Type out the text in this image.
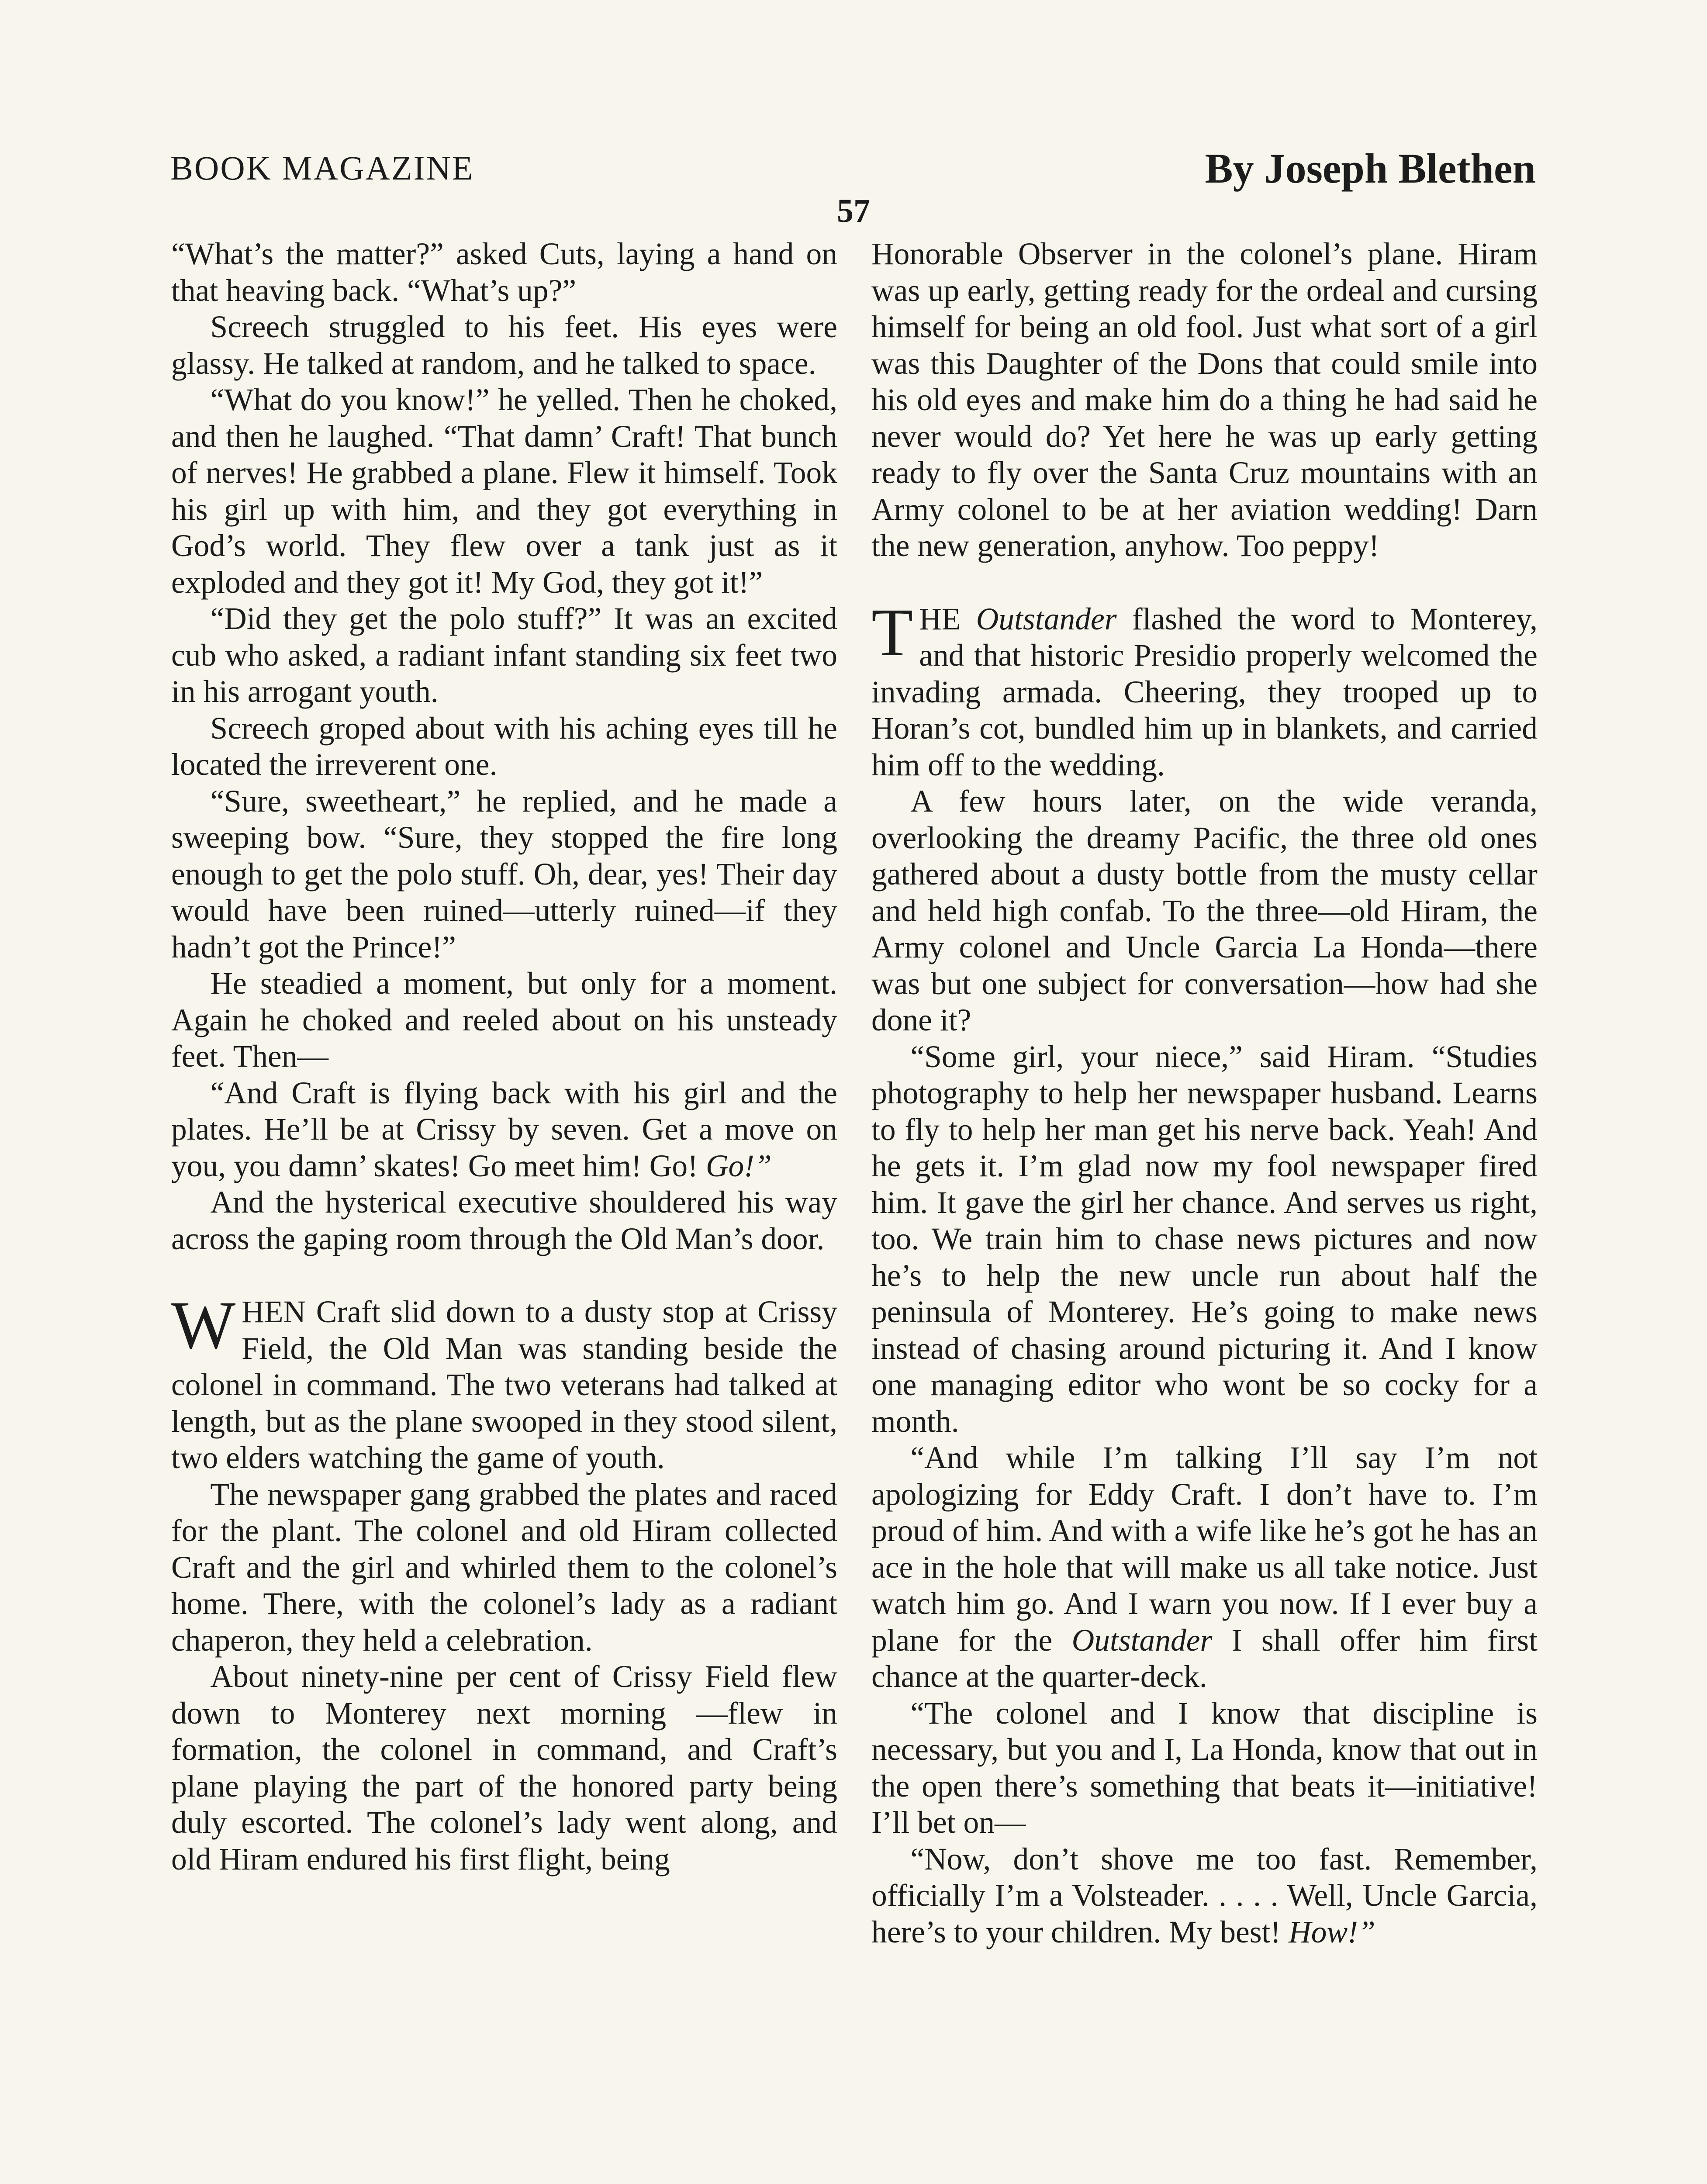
BOOK MAGAZINE	By Joseph Blethen
57

“What’s the matter?” asked Cuts, laying a hand on that heaving back. “What’s up?”

Screech struggled to his feet. His eyes were glassy. He talked at random, and he talked to space.

“What do you know!” he yelled. Then he choked, and then he laughed. “That damn’ Craft! That bunch of nerves! He grabbed a plane. Flew it himself. Took his girl up with him, and they got everything in God’s world. They flew over a tank just as it exploded and they got it! My God, they got it!”

“Did they get the polo stuff?” It was an excited cub who asked, a radiant infant standing six feet two in his arrogant youth.

Screech groped about with his aching eyes till he located the irreverent one.

“Sure, sweetheart,” he replied, and he made a sweeping bow. “Sure, they stopped the fire long enough to get the polo stuff. Oh, dear, yes! Their day would have been ruined—utterly ruined—if they hadn’t got the Prince!”

He steadied a moment, but only for a moment. Again he choked and reeled about on his unsteady feet. Then—

“And Craft is flying back with his girl and the plates. He’ll be at Crissy by seven. Get a move on you, you damn’ skates! Go meet him! Go! Go!”

And the hysterical executive shouldered his way across the gaping room through the Old Man’s door.

WHEN Craft slid down to a dusty stop at Crissy Field, the Old Man was standing beside the colonel in command. The two veterans had talked at length, but as the plane swooped in they stood silent, two elders watching the game of youth.

The newspaper gang grabbed the plates and raced for the plant. The colonel and old Hiram collected Craft and the girl and whirled them to the colonel’s home. There, with the colonel’s lady as a radiant chaperon, they held a celebration.

About ninety-nine per cent of Crissy Field flew down to Monterey next morning —flew in formation, the colonel in command, and Craft’s plane playing the part of the honored party being duly escorted. The colonel’s lady went along, and old Hiram endured his first flight, being

Honorable Observer in the colonel’s plane. Hiram was up early, getting ready for the ordeal and cursing himself for being an old fool. Just what sort of a girl was this Daughter of the Dons that could smile into his old eyes and make him do a thing he had said he never would do? Yet here he was up early getting ready to fly over the Santa Cruz mountains with an Army colonel to be at her aviation wedding! Darn the new generation, anyhow. Too peppy!

THE Outstander flashed the word to Monterey, and that historic Presidio properly welcomed the invading armada. Cheering, they trooped up to Horan’s cot, bundled him up in blankets, and carried him off to the wedding.

A few hours later, on the wide veranda, overlooking the dreamy Pacific, the three old ones gathered about a dusty bottle from the musty cellar and held high confab. To the three—old Hiram, the Army colonel and Uncle Garcia La Honda—there was but one subject for conversation—how had she done it?

“Some girl, your niece,” said Hiram. “Studies photography to help her newspaper husband. Learns to fly to help her man get his nerve back. Yeah! And he gets it. I’m glad now my fool newspaper fired him. It gave the girl her chance. And serves us right, too. We train him to chase news pictures and now he’s to help the new uncle run about half the peninsula of Monterey. He’s going to make news instead of chasing around picturing it. And I know one managing editor who wont be so cocky for a month.

“And while I’m talking I’ll say I’m not apologizing for Eddy Craft. I don’t have to. I’m proud of him. And with a wife like he’s got he has an ace in the hole that will make us all take notice. Just watch him go. And I warn you now. If I ever buy a plane for the Outstander I shall offer him first chance at the quarter-deck.

“The colonel and I know that discipline is necessary, but you and I, La Honda, know that out in the open there’s something that beats it—initiative! I’ll bet on—

“Now, don’t shove me too fast. Remember, officially I’m a Volsteader. . . . . Well, Uncle Garcia, here’s to your children. My best! How!”
